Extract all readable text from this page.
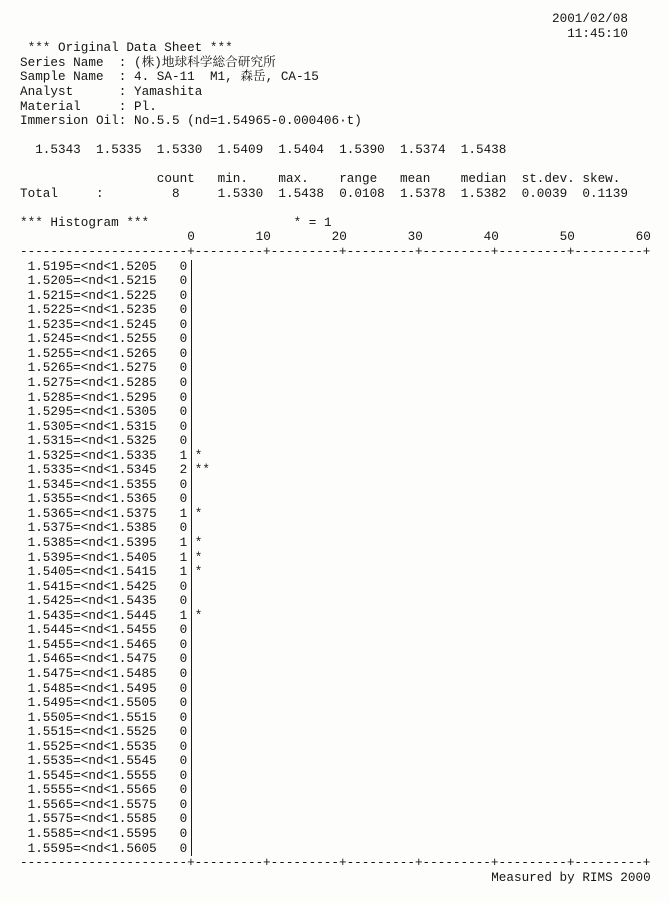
2001/02/08
11:45:10
*** Original Data Sheet ***
Series Name : (株)地球科学総合研究所
Sample Name : 4. SA-11  M1, 森岳, CA-15
Analyst	: Yamashita
Material	: Pl.
Immersion Oil : No.5.5 (nd=1.54965-0.000406·t)
1.5343 1.5335 1.5330 1.5409 1.5404 1.5390 1.5374 1.5438
count min. max. range mean median st.dev. skew.
Total	:	8	1.5330 1.5438 0.0108 1.5378 1.5382 0.0039 0.1139
*** Histogram ***	* = 1
0	10	20	30	40	50	60
----------------------+---------+---------+---------+---------+---------+---------+
----------------------+---------+---------+---------+---------+---------+---------+
1.5195=<nd<1.5205 0
1.5205=<nd<1.5215 0
1.5215=<nd<1.5225 0
1.5225=<nd<1.5235 0
1.5235=<nd<1.5245 0
1.5245=<nd<1.5255 0
1.5255=<nd<1.5265 0
1.5265=<nd<1.5275 0
1.5275=<nd<1.5285 0
1.5285=<nd<1.5295 0
1.5295=<nd<1.5305 0
1.5305=<nd<1.5315 0
1.5315=<nd<1.5325 0
1.5325=<nd<1.5335 1 *
1.5335=<nd<1.5345 2 **
1.5345=<nd<1.5355 0
1.5355=<nd<1.5365 0
1.5365=<nd<1.5375 1 *
1.5375=<nd<1.5385 0
1.5385=<nd<1.5395 1 *
1.5395=<nd<1.5405 1 *
1.5405=<nd<1.5415 1 *
1.5415=<nd<1.5425 0
1.5425=<nd<1.5435 0
1.5435=<nd<1.5445 1 *
1.5445=<nd<1.5455 0
1.5455=<nd<1.5465 0
1.5465=<nd<1.5475 0
1.5475=<nd<1.5485 0
1.5485=<nd<1.5495 0
1.5495=<nd<1.5505 0
1.5505=<nd<1.5515 0
1.5515=<nd<1.5525 0
1.5525=<nd<1.5535 0
1.5535=<nd<1.5545 0
1.5545=<nd<1.5555 0
1.5555=<nd<1.5565 0
1.5565=<nd<1.5575 0
1.5575=<nd<1.5585 0
1.5585=<nd<1.5595 0
1.5595=<nd<1.5605 0
Measured by RIMS 2000
